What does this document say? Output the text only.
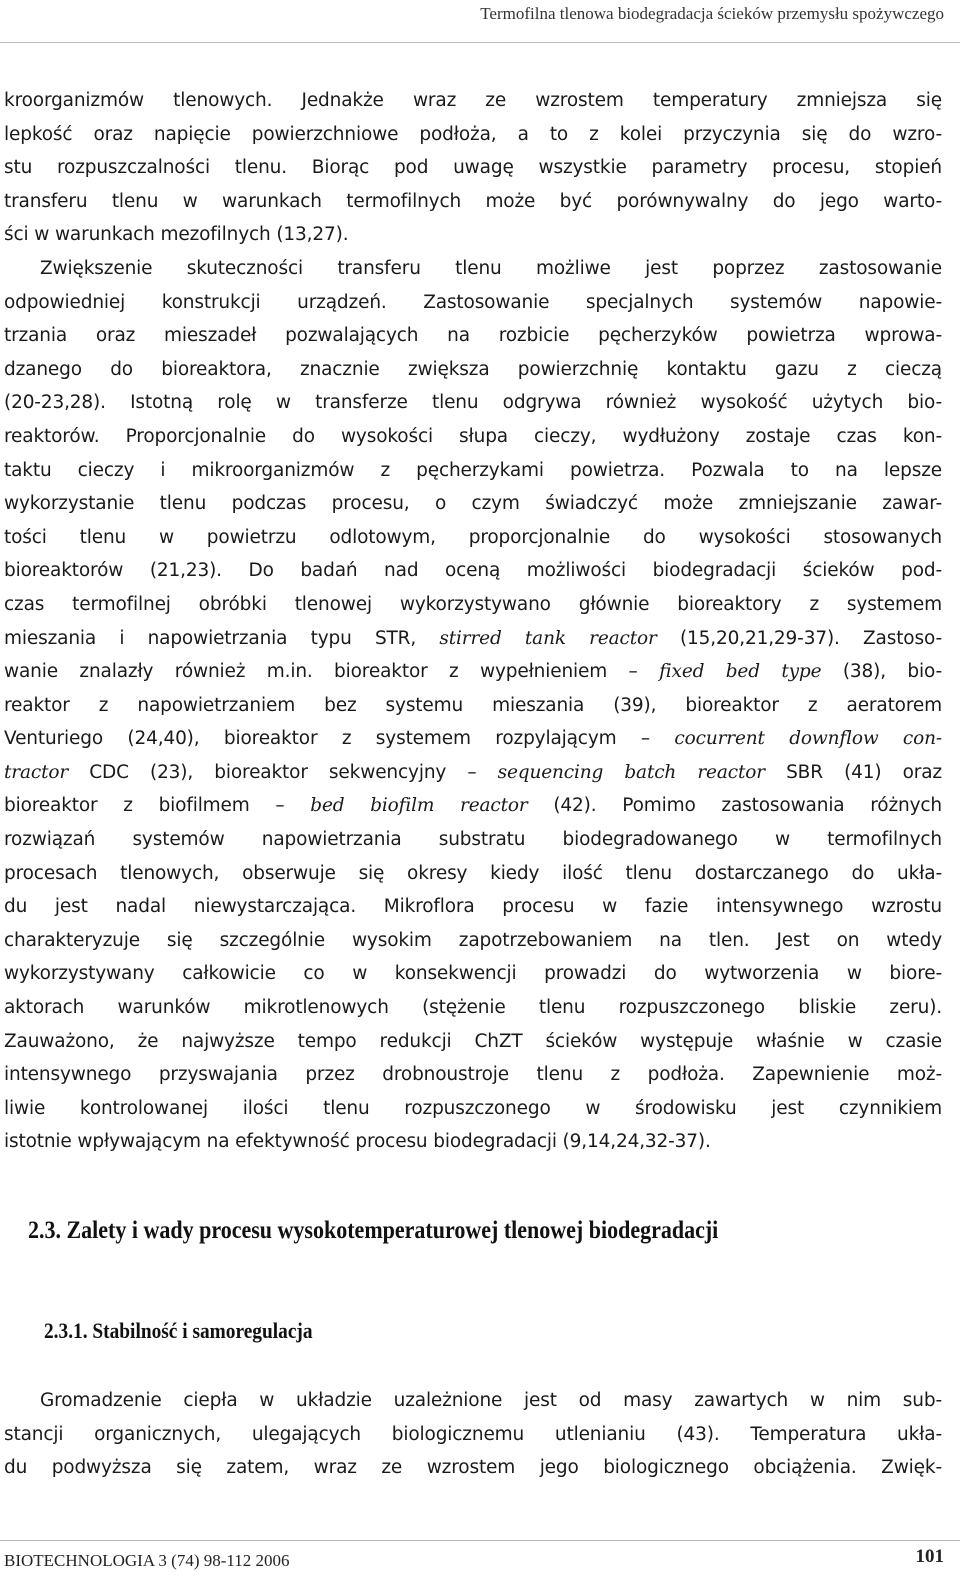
Termofilna tlenowa biodegradacja ścieków przemysłu spożywczego
kroorganizmów tlenowych. Jednakże wraz ze wzrostem temperatury zmniejsza się
lepkość oraz napięcie powierzchniowe podłoża, a to z kolei przyczynia się do wzro-
stu rozpuszczalności tlenu. Biorąc pod uwagę wszystkie parametry procesu, stopień
transferu tlenu w warunkach termofilnych może być porównywalny do jego warto-
ści w warunkach mezofilnych (13,27).
Zwiększenie skuteczności transferu tlenu możliwe jest poprzez zastosowanie
odpowiedniej konstrukcji urządzeń. Zastosowanie specjalnych systemów napowie-
trzania oraz mieszadeł pozwalających na rozbicie pęcherzyków powietrza wprowa-
dzanego do bioreaktora, znacznie zwiększa powierzchnię kontaktu gazu z cieczą
(20-23,28). Istotną rolę w transferze tlenu odgrywa również wysokość użytych bio-
reaktorów. Proporcjonalnie do wysokości słupa cieczy, wydłużony zostaje czas kon-
taktu cieczy i mikroorganizmów z pęcherzykami powietrza. Pozwala to na lepsze
wykorzystanie tlenu podczas procesu, o czym świadczyć może zmniejszanie zawar-
tości tlenu w powietrzu odlotowym, proporcjonalnie do wysokości stosowanych
bioreaktorów (21,23). Do badań nad oceną możliwości biodegradacji ścieków pod-
czas termofilnej obróbki tlenowej wykorzystywano głównie bioreaktory z systemem
mieszania i napowietrzania typu STR, stirred tank reactor (15,20,21,29-37). Zastoso-
wanie znalazły również m.in. bioreaktor z wypełnieniem – fixed bed type (38), bio-
reaktor z napowietrzaniem bez systemu mieszania (39), bioreaktor z aeratorem
Venturiego (24,40), bioreaktor z systemem rozpylającym – cocurrent downflow con-
tractor CDC (23), bioreaktor sekwencyjny – sequencing batch reactor SBR (41) oraz
bioreaktor z biofilmem – bed biofilm reactor (42). Pomimo zastosowania różnych
rozwiązań systemów napowietrzania substratu biodegradowanego w termofilnych
procesach tlenowych, obserwuje się okresy kiedy ilość tlenu dostarczanego do ukła-
du jest nadal niewystarczająca. Mikroflora procesu w fazie intensywnego wzrostu
charakteryzuje się szczególnie wysokim zapotrzebowaniem na tlen. Jest on wtedy
wykorzystywany całkowicie co w konsekwencji prowadzi do wytworzenia w biore-
aktorach warunków mikrotlenowych (stężenie tlenu rozpuszczonego bliskie zeru).
Zauważono, że najwyższe tempo redukcji ChZT ścieków występuje właśnie w czasie
intensywnego przyswajania przez drobnoustroje tlenu z podłoża. Zapewnienie moż-
liwie kontrolowanej ilości tlenu rozpuszczonego w środowisku jest czynnikiem
istotnie wpływającym na efektywność procesu biodegradacji (9,14,24,32-37).
2.3. Zalety i wady procesu wysokotemperaturowej tlenowej biodegradacji
2.3.1. Stabilność i samoregulacja
Gromadzenie ciepła w układzie uzależnione jest od masy zawartych w nim sub-
stancji organicznych, ulegających biologicznemu utlenianiu (43). Temperatura ukła-
du podwyższa się zatem, wraz ze wzrostem jego biologicznego obciążenia. Zwięk-
BIOTECHNOLOGIA 3 (74) 98-112 2006	101
